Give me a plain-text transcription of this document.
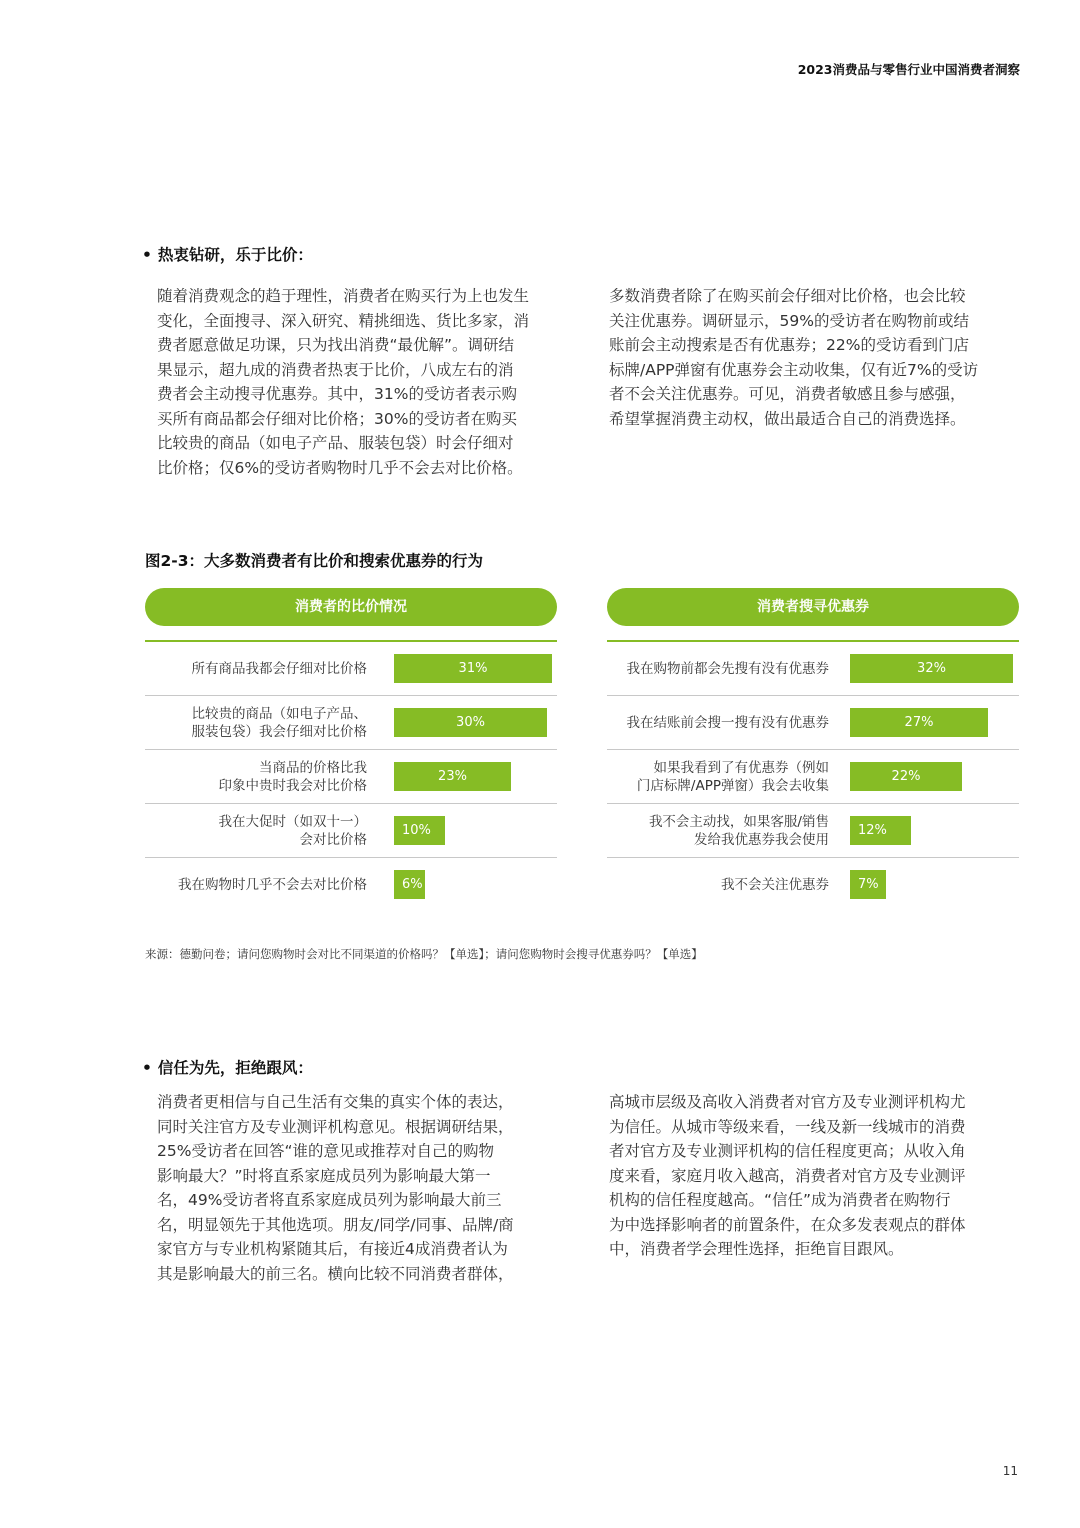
2023消费品与零售行业中国消费者洞察
• 热衷钻研，乐于比价：

随着消费观念的趋于理性，消费者在购买行为上也发生
变化，全面搜寻、深入研究、精挑细选、货比多家，消
费者愿意做足功课，只为找出消费“最优解”。调研结
果显示，超九成的消费者热衷于比价，八成左右的消
费者会主动搜寻优惠券。其中，31%的受访者表示购
买所有商品都会仔细对比价格；30%的受访者在购买
比较贵的商品（如电子产品、服装包袋）时会仔细对
比价格；仅6%的受访者购物时几乎不会去对比价格。

多数消费者除了在购买前会仔细对比价格，也会比较
关注优惠券。调研显示，59%的受访者在购物前或结
账前会主动搜索是否有优惠券；22%的受访看到门店
标牌/APP弹窗有优惠券会主动收集，仅有近7%的受访
者不会关注优惠券。可见，消费者敏感且参与感强，
希望掌握消费主动权，做出最适合自己的消费选择。

图2-3：大多数消费者有比价和搜索优惠券的行为
消费者的比价情况
所有商品我都会仔细对比价格	31%
比较贵的商品（如电子产品、
服装包袋）我会仔细对比价格
30%
当商品的价格比我
印象中贵时我会对比价格
23%
我在大促时（如双十一）
会对比价格
10%
我在购物时几乎不会去对比价格	6%
消费者搜寻优惠券
我在购物前都会先搜有没有优惠券	32%
我在结账前会搜一搜有没有优惠券	27%
如果我看到了有优惠券（例如
门店标牌/APP弹窗）我会去收集
22%
我不会主动找，如果客服/销售
发给我优惠券我会使用
12%
我不会关注优惠券 7%
来源：德勤问卷；请问您购物时会对比不同渠道的价格吗？【单选】；请问您购物时会搜寻优惠券吗？【单选】
• 信任为先，拒绝跟风：

消费者更相信与自己生活有交集的真实个体的表达，
同时关注官方及专业测评机构意见。根据调研结果，
25%受访者在回答“谁的意见或推荐对自己的购物
影响最大？”时将直系家庭成员列为影响最大第一
名，49%受访者将直系家庭成员列为影响最大前三
名，明显领先于其他选项。朋友/同学/同事、品牌/商
家官方与专业机构紧随其后，有接近4成消费者认为
其是影响最大的前三名。横向比较不同消费者群体，

高城市层级及高收入消费者对官方及专业测评机构尤
为信任。从城市等级来看，一线及新一线城市的消费
者对官方及专业测评机构的信任程度更高；从收入角
度来看，家庭月收入越高，消费者对官方及专业测评
机构的信任程度越高。“信任”成为消费者在购物行
为中选择影响者的前置条件，在众多发表观点的群体
中，消费者学会理性选择，拒绝盲目跟风。

11
